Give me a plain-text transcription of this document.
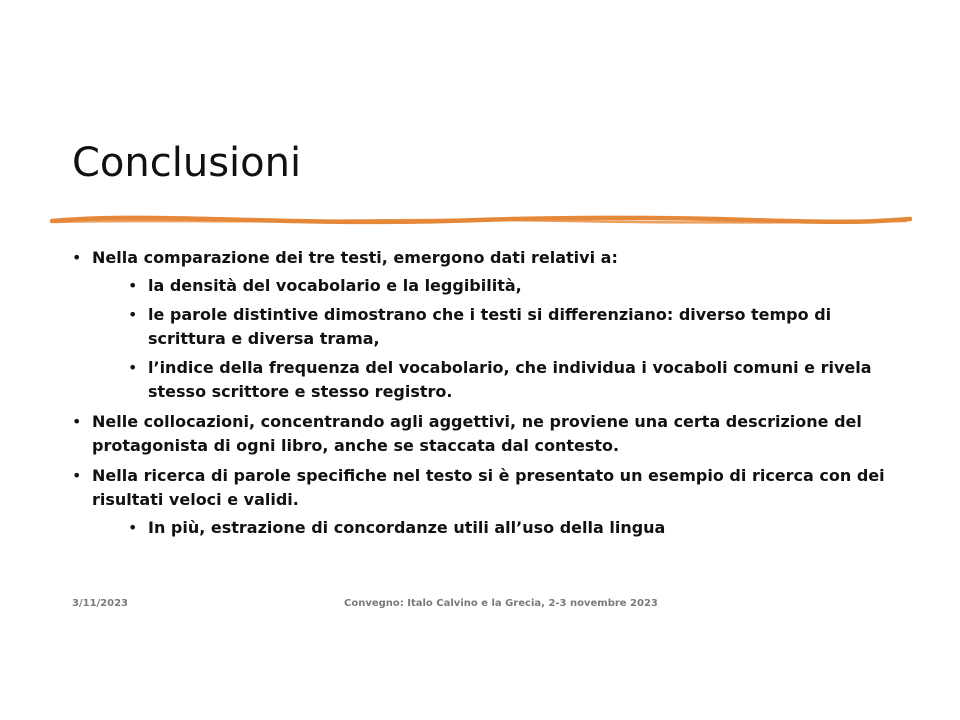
Conclusioni
• Nella comparazione dei tre testi, emergono dati relativi a:
• la densità del vocabolario e la leggibilità,
• le parole distintive dimostrano che i testi si differenziano: diverso tempo di scrittura e diversa trama,
• l’indice della frequenza del vocabolario, che individua i vocaboli comuni e rivela stesso scrittore e stesso registro.
• Nelle collocazioni, concentrando agli aggettivi, ne proviene una certa descrizione del protagonista di ogni libro, anche se staccata dal contesto.
• Nella ricerca di parole specifiche nel testo si è presentato un esempio di ricerca con dei risultati veloci e validi.
• In più, estrazione di concordanze utili all’uso della lingua
3/11/2023	Convegno: Italo Calvino e la Grecia, 2-3 novembre 2023
